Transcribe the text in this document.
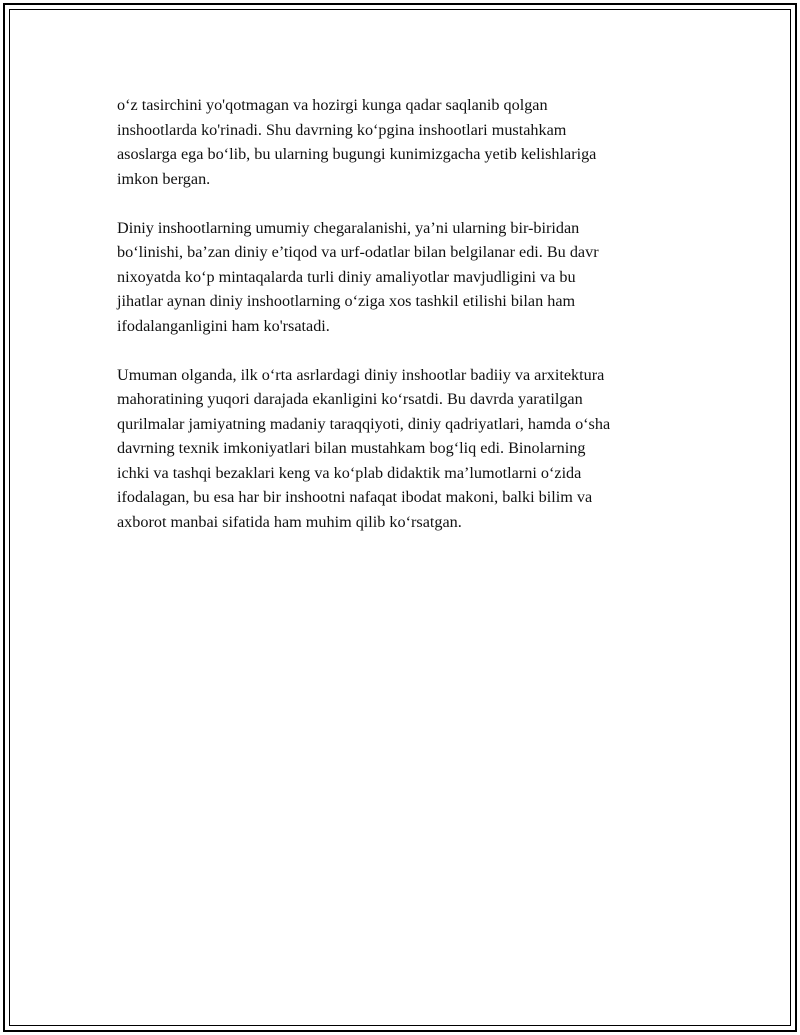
o‘z tasirchini yo'qotmagan va hozirgi kunga qadar saqlanib qolgan
inshootlarda ko'rinadi. Shu davrning ko‘pgina inshootlari mustahkam
asoslarga ega bo‘lib, bu ularning bugungi kunimizgacha yetib kelishlariga
imkon bergan.

Diniy inshootlarning umumiy chegaralanishi, ya’ni ularning bir-biridan
bo‘linishi, ba’zan diniy e’tiqod va urf-odatlar bilan belgilanar edi. Bu davr
nixoyatda ko‘p mintaqalarda turli diniy amaliyotlar mavjudligini va bu
jihatlar aynan diniy inshootlarning o‘ziga xos tashkil etilishi bilan ham
ifodalanganligini ham ko'rsatadi.

Umuman olganda, ilk o‘rta asrlardagi diniy inshootlar badiiy va arxitektura
mahoratining yuqori darajada ekanligini ko‘rsatdi. Bu davrda yaratilgan
qurilmalar jamiyatning madaniy taraqqiyoti, diniy qadriyatlari, hamda o‘sha
davrning texnik imkoniyatlari bilan mustahkam bog‘liq edi. Binolarning
ichki va tashqi bezaklari keng va ko‘plab didaktik ma’lumotlarni o‘zida
ifodalagan, bu esa har bir inshootni nafaqat ibodat makoni, balki bilim va
axborot manbai sifatida ham muhim qilib ko‘rsatgan.
